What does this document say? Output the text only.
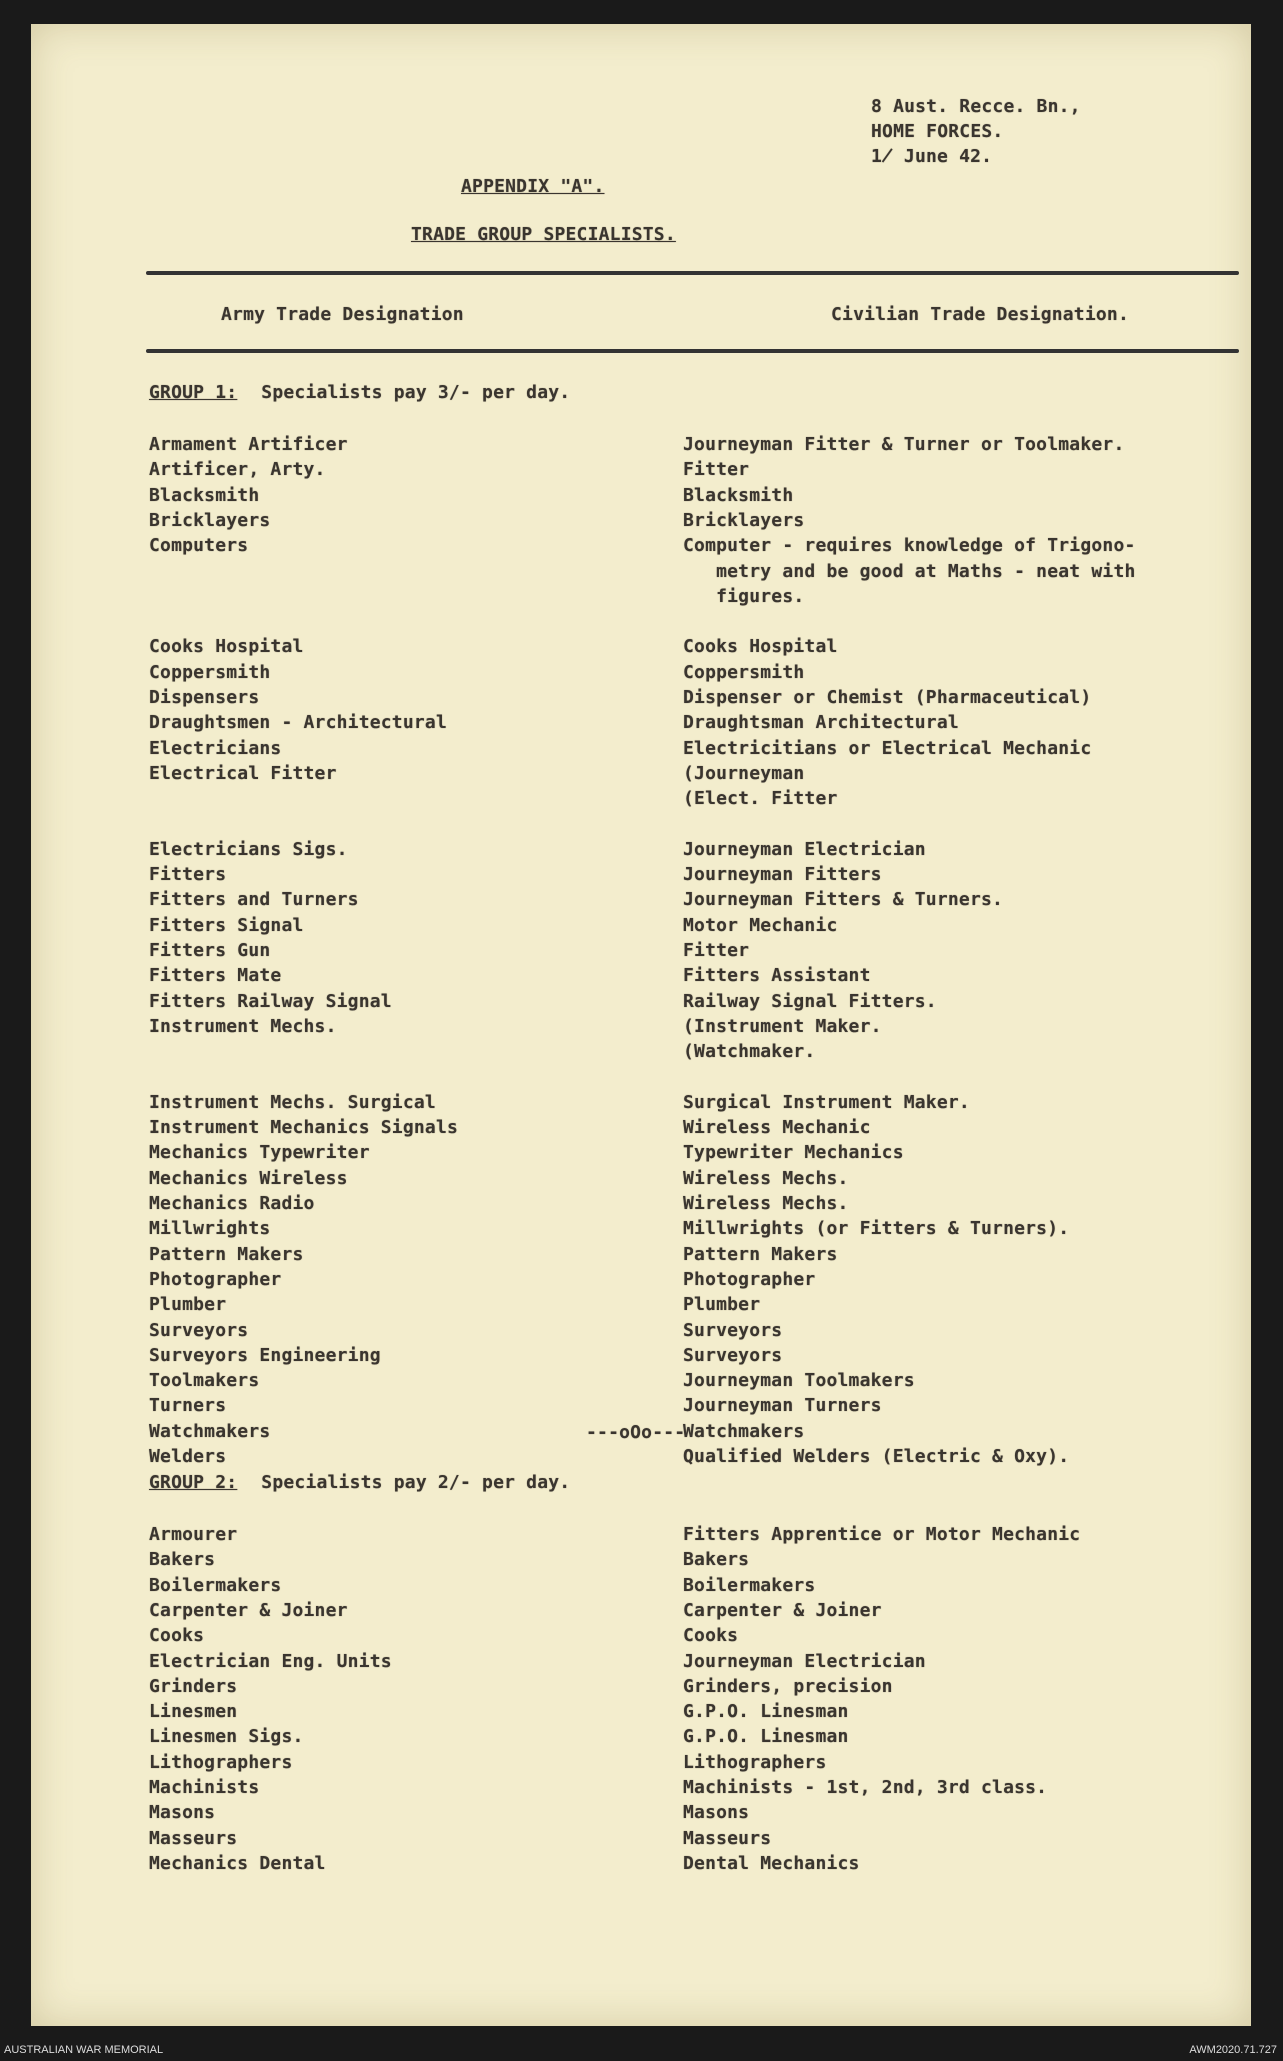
8 Aust. Recce. Bn.,
HOME FORCES.
1̸ June 42.
APPENDIX "A".
TRADE GROUP SPECIALISTS.
Army Trade Designation	Civilian Trade Designation.
GROUP 1: Specialists pay 3/- per day.
Armament Artificer	Journeyman Fitter & Turner or Toolmaker.
Artificer, Arty.	Fitter
Blacksmith	Blacksmith
Bricklayers	Bricklayers
Computers	Computer - requires knowledge of Trigono-
metry and be good at Maths - neat with
figures.
Cooks Hospital	Cooks Hospital
Coppersmith	Coppersmith
Dispensers	Dispenser or Chemist (Pharmaceutical)
Draughtsmen - Architectural	Draughtsman Architectural
Electricians	Electricitians or Electrical Mechanic
Electrical Fitter	(Journeyman
(Elect. Fitter
Electricians Sigs.	Journeyman Electrician
Fitters	Journeyman Fitters
Fitters and Turners	Journeyman Fitters & Turners.
Fitters Signal	Motor Mechanic
Fitters Gun	Fitter
Fitters Mate	Fitters Assistant
Fitters Railway Signal	Railway Signal Fitters.
Instrument Mechs.	(Instrument Maker.
(Watchmaker.
Instrument Mechs. Surgical	Surgical Instrument Maker.
Instrument Mechanics Signals	Wireless Mechanic
Mechanics Typewriter	Typewriter Mechanics
Mechanics Wireless	Wireless Mechs.
Mechanics Radio	Wireless Mechs.
Millwrights	Millwrights (or Fitters & Turners).
Pattern Makers	Pattern Makers
Photographer	Photographer
Plumber	Plumber
Surveyors	Surveyors
Surveyors Engineering	Surveyors
Toolmakers	Journeyman Toolmakers
Turners	Journeyman Turners
Watchmakers	Watchmakers
Welders	Qualified Welders (Electric & Oxy).
---oOo---
GROUP 2: Specialists pay 2/- per day.
Armourer	Fitters Apprentice or Motor Mechanic
Bakers	Bakers
Boilermakers	Boilermakers
Carpenter & Joiner	Carpenter & Joiner
Cooks	Cooks
Electrician Eng. Units	Journeyman Electrician
Grinders	Grinders, precision
Linesmen	G.P.O. Linesman
Linesmen Sigs.	G.P.O. Linesman
Lithographers	Lithographers
Machinists	Machinists - 1st, 2nd, 3rd class.
Masons	Masons
Masseurs	Masseurs
Mechanics Dental	Dental Mechanics
AUSTRALIAN WAR MEMORIAL	AWM2020.71.727
